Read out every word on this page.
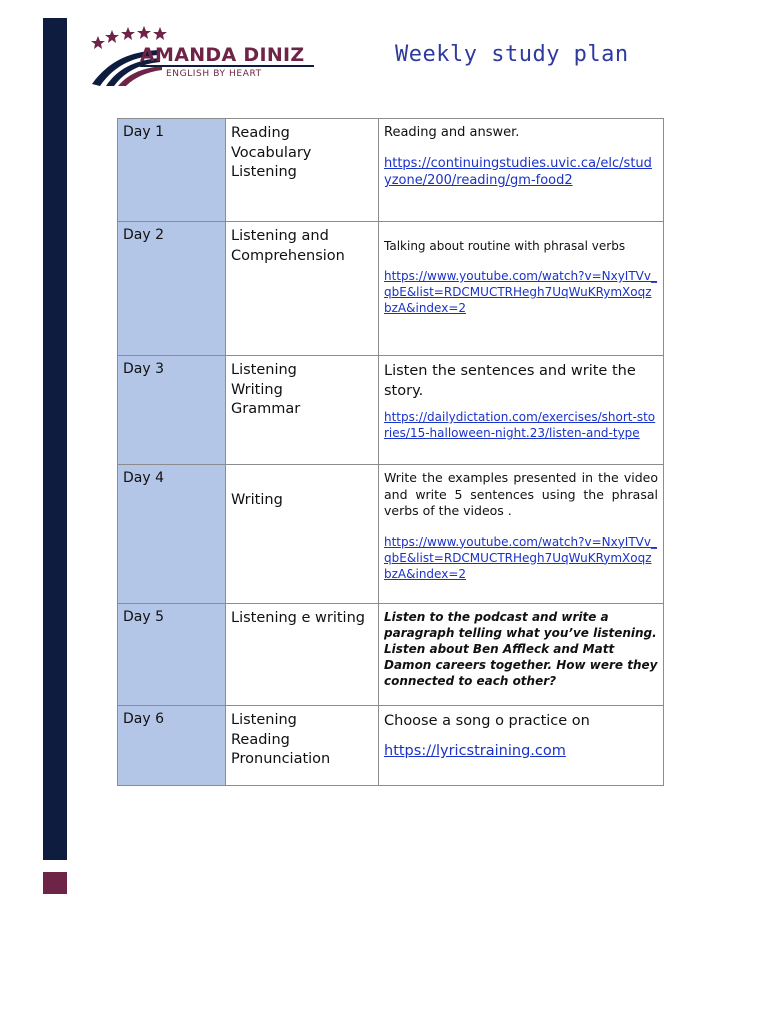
AMANDA DINIZ
ENGLISH BY HEART
Weekly study plan
Day 1	Reading
Vocabulary
Listening	Reading and answer.
https://continuingstudies.uvic.ca/elc/studyzone/200/reading/gm-food2

Day 2	Listening and Comprehension	Talking about routine with phrasal verbs
https://www.youtube.com/watch?v=NxyITVv_qbE&list=RDCMUCTRHegh7UqWuKRymXoqzbzA&index=2

Day 3	Listening
Writing
Grammar	Listen the sentences and write the story.
https://dailydictation.com/exercises/short-stories/15-halloween-night.23/listen-and-type

Day 4	Writing	Write the examples presented in the video and write 5 sentences using the phrasal verbs of the videos .
https://www.youtube.com/watch?v=NxyITVv_qbE&list=RDCMUCTRHegh7UqWuKRymXoqzbzA&index=2

Day 5	Listening e writing	Listen to the podcast and write a paragraph telling what you’ve listening.
Listen about Ben Affleck and Matt Damon careers together. How were they connected to each other?

Day 6	Listening
Reading
Pronunciation	Choose a song o practice on
https://lyricstraining.com
